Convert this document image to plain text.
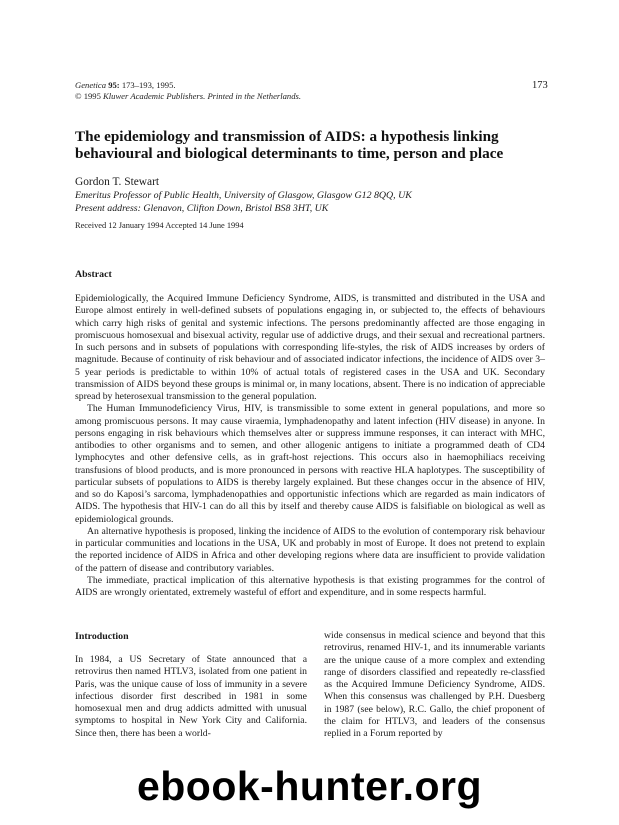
Genetica 95: 173–193, 1995.
© 1995 Kluwer Academic Publishers. Printed in the Netherlands.
173
The epidemiology and transmission of AIDS: a hypothesis linking behavioural and biological determinants to time, person and place
Gordon T. Stewart
Emeritus Professor of Public Health, University of Glasgow, Glasgow G12 8QQ, UK
Present address: Glenavon, Clifton Down, Bristol BS8 3HT, UK
Received 12 January 1994 Accepted 14 June 1994
Abstract

Epidemiologically, the Acquired Immune Deficiency Syndrome, AIDS, is transmitted and distributed in the USA and Europe almost entirely in well-defined subsets of populations engaging in, or subjected to, the effects of behaviours which carry high risks of genital and systemic infections. The persons predominantly affected are those engaging in promiscuous homosexual and bisexual activity, regular use of addictive drugs, and their sexual and recreational partners. In such persons and in subsets of populations with corresponding life-styles, the risk of AIDS increases by orders of magnitude. Because of continuity of risk behaviour and of associated indicator infections, the incidence of AIDS over 3–5 year periods is predictable to within 10% of actual totals of registered cases in the USA and UK. Secondary transmission of AIDS beyond these groups is minimal or, in many locations, absent. There is no indication of appreciable spread by heterosexual transmission to the general population.

The Human Immunodeficiency Virus, HIV, is transmissible to some extent in general populations, and more so among promiscuous persons. It may cause viraemia, lymphadenopathy and latent infection (HIV disease) in anyone. In persons engaging in risk behaviours which themselves alter or suppress immune responses, it can interact with MHC, antibodies to other organisms and to semen, and other allogenic antigens to initiate a programmed death of CD4 lymphocytes and other defensive cells, as in graft-host rejections. This occurs also in haemophiliacs receiving transfusions of blood products, and is more pronounced in persons with reactive HLA haplotypes. The susceptibility of particular subsets of populations to AIDS is thereby largely explained. But these changes occur in the absence of HIV, and so do Kaposi’s sarcoma, lymphadenopathies and opportunistic infections which are regarded as main indicators of AIDS. The hypothesis that HIV-1 can do all this by itself and thereby cause AIDS is falsifiable on biological as well as epidemiological grounds.

An alternative hypothesis is proposed, linking the incidence of AIDS to the evolution of contemporary risk behaviour in particular communities and locations in the USA, UK and probably in most of Europe. It does not pretend to explain the reported incidence of AIDS in Africa and other developing regions where data are insufficient to provide validation of the pattern of disease and contributory variables.

The immediate, practical implication of this alternative hypothesis is that existing programmes for the control of AIDS are wrongly orientated, extremely wasteful of effort and expenditure, and in some respects harmful.

Introduction
In 1984, a US Secretary of State announced that a retrovirus then named HTLV3, isolated from one patient in Paris, was the unique cause of loss of immunity in a severe infectious disorder first described in 1981 in some homosexual men and drug addicts admitted with unusual symptoms to hospital in New York City and California. Since then, there has been a world-
wide consensus in medical science and beyond that this retrovirus, renamed HIV-1, and its innumerable variants are the unique cause of a more complex and extending range of disorders classified and repeatedly re-classfied as the Acquired Immune Deficiency Syndrome, AIDS. When this consensus was challenged by P.H. Duesberg in 1987 (see below), R.C. Gallo, the chief proponent of the claim for HTLV3, and leaders of the consensus replied in a Forum reported by
ebook-hunter.org
